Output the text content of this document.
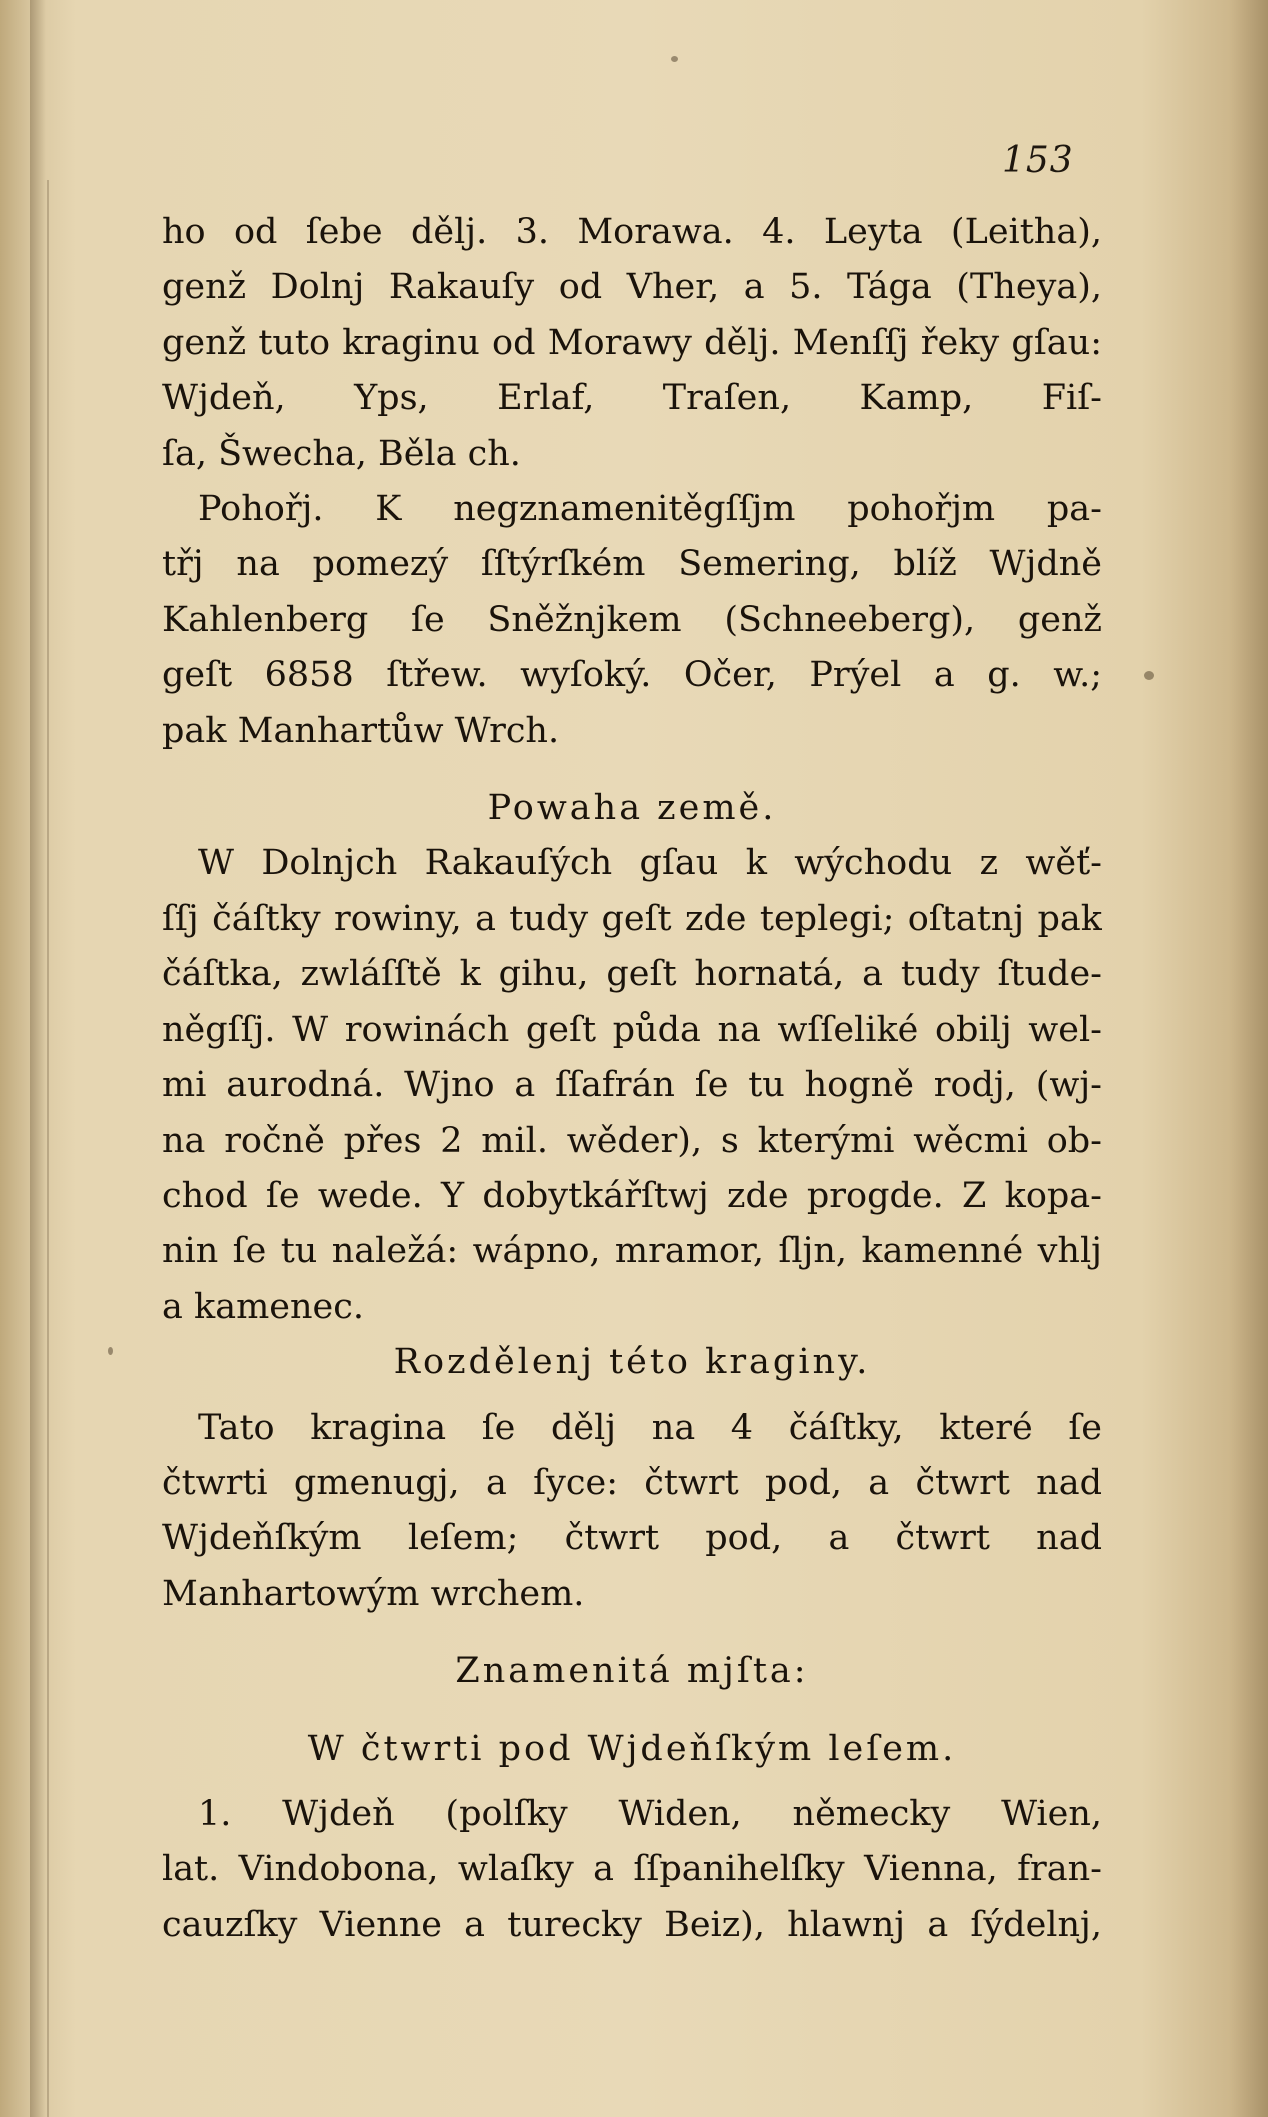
153
ho od ſebe dělj. 3. Morawa. 4. Leyta (Leitha),
genž Dolnj Rakauſy od Vher, a 5. Tága (Theya),
genž tuto kraginu od Morawy dělj. Menſſj řeky gſau:
Wjdeň, Yps, Erlaf, Traſen, Kamp, Fiſ-
ſa, Šwecha, Běla ch.
Pohořj. K negznamenitěgſſjm pohořjm pa-
třj na pomezý ſſtýrſkém Semering, blíž Wjdně
Kahlenberg ſe Sněžnjkem (Schneeberg), genž
geſt 6858 ſtřew. wyſoký. Očer, Prýel a g. w.;
pak Manhartůw Wrch.
Powaha země.
W Dolnjch Rakauſých gſau k wýchodu z wěť-
ſſj čáſtky rowiny, a tudy geſt zde teplegi; oſtatnj pak
čáſtka, zwláſſtě k gihu, geſt hornatá, a tudy ſtude-
něgſſj. W rowinách geſt půda na wſſeliké obilj wel-
mi aurodná. Wjno a ſſafrán ſe tu hogně rodj, (wj-
na ročně přes 2 mil. wěder), s kterými wěcmi ob-
chod ſe wede. Y dobytkářſtwj zde progde. Z kopa-
nin ſe tu naležá: wápno, mramor, ſljn, kamenné vhlj
a kamenec.
Rozdělenj této kraginy.
Tato kragina ſe dělj na 4 čáſtky, které ſe
čtwrti gmenugj, a ſyce: čtwrt pod, a čtwrt nad
Wjdeňſkým leſem; čtwrt pod, a čtwrt nad
Manhartowým wrchem.
Znamenitá mjſta:
W čtwrti pod Wjdeňſkým leſem.
1. Wjdeň (polſky Widen, německy Wien,
lat. Vindobona, wlaſky a ſſpanihelſky Vienna, fran-
cauzſky Vienne a turecky Beiz), hlawnj a ſýdelnj,
